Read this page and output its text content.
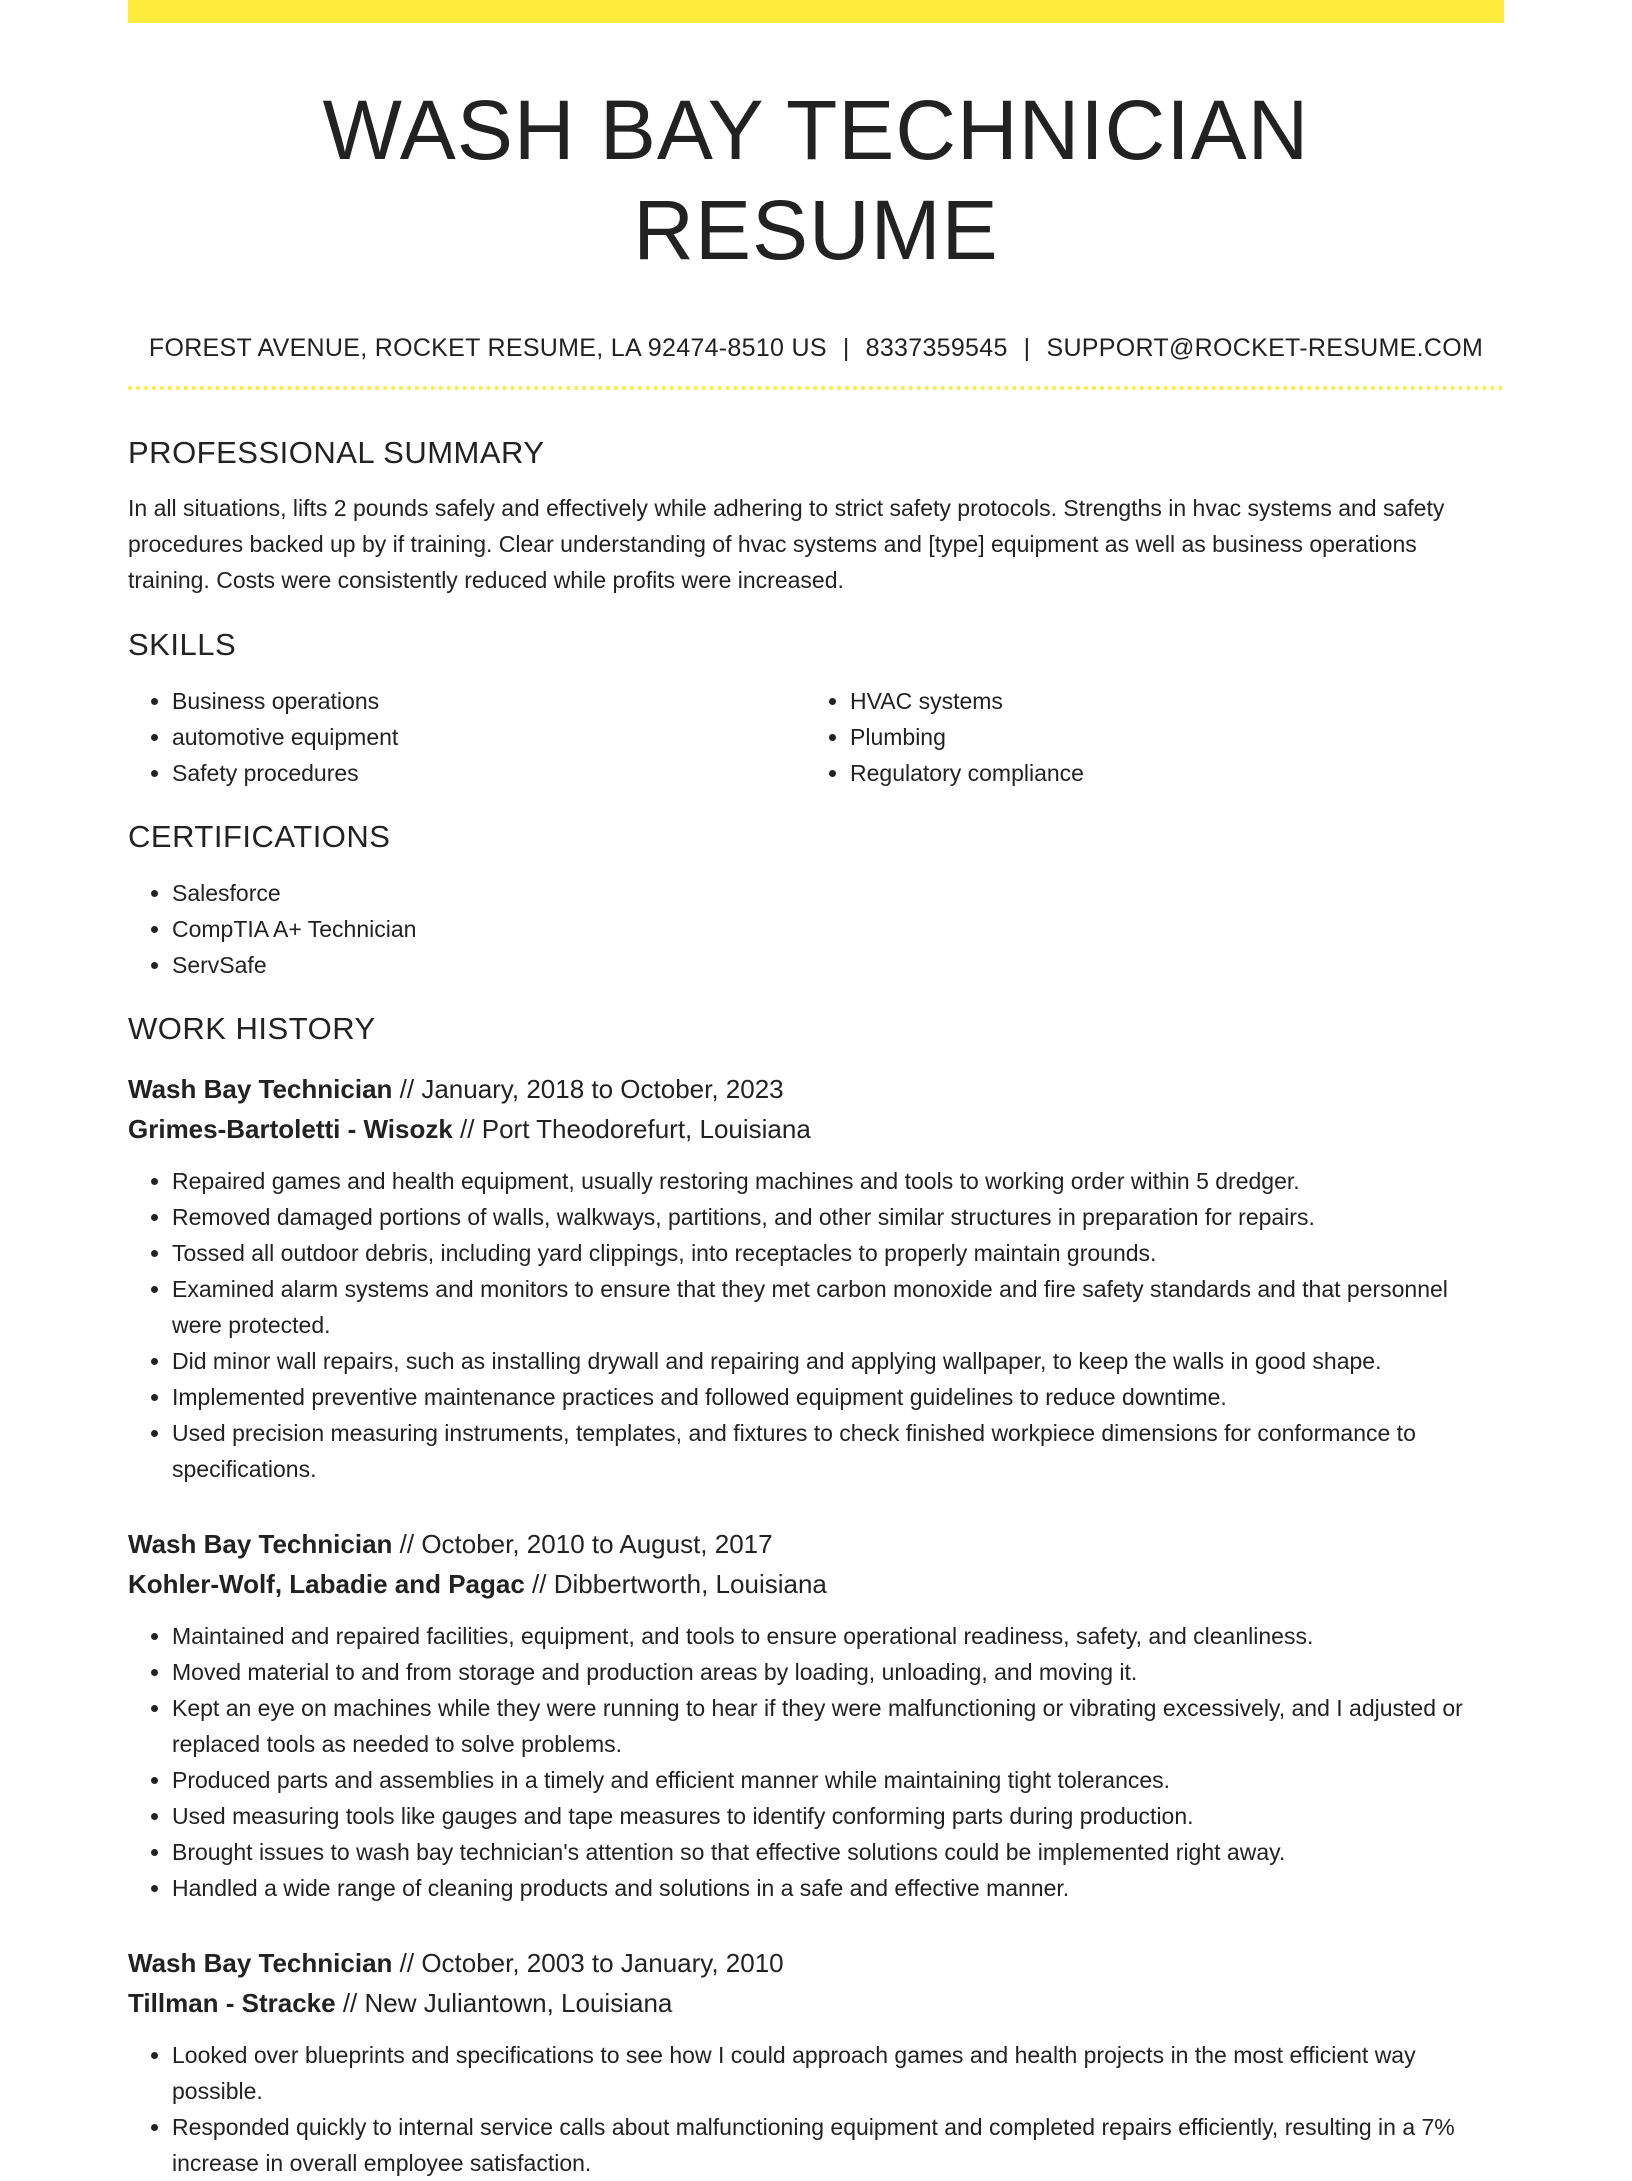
WASH BAY TECHNICIAN RESUME
FOREST AVENUE, ROCKET RESUME, LA 92474-8510 US | 8337359545 | SUPPORT@ROCKET-RESUME.COM
PROFESSIONAL SUMMARY
In all situations, lifts 2 pounds safely and effectively while adhering to strict safety protocols. Strengths in hvac systems and safety procedures backed up by if training. Clear understanding of hvac systems and [type] equipment as well as business operations training. Costs were consistently reduced while profits were increased.
SKILLS
• Business operations
• automotive equipment
• Safety procedures
• HVAC systems
• Plumbing
• Regulatory compliance
CERTIFICATIONS
• Salesforce
• CompTIA A+ Technician
• ServSafe
WORK HISTORY
Wash Bay Technician // January, 2018 to October, 2023
Grimes-Bartoletti - Wisozk // Port Theodorefurt, Louisiana
• Repaired games and health equipment, usually restoring machines and tools to working order within 5 dredger.
• Removed damaged portions of walls, walkways, partitions, and other similar structures in preparation for repairs.
• Tossed all outdoor debris, including yard clippings, into receptacles to properly maintain grounds.
• Examined alarm systems and monitors to ensure that they met carbon monoxide and fire safety standards and that personnel were protected.
• Did minor wall repairs, such as installing drywall and repairing and applying wallpaper, to keep the walls in good shape.
• Implemented preventive maintenance practices and followed equipment guidelines to reduce downtime.
• Used precision measuring instruments, templates, and fixtures to check finished workpiece dimensions for conformance to specifications.
Wash Bay Technician // October, 2010 to August, 2017
Kohler-Wolf, Labadie and Pagac // Dibbertworth, Louisiana
• Maintained and repaired facilities, equipment, and tools to ensure operational readiness, safety, and cleanliness.
• Moved material to and from storage and production areas by loading, unloading, and moving it.
• Kept an eye on machines while they were running to hear if they were malfunctioning or vibrating excessively, and I adjusted or replaced tools as needed to solve problems.
• Produced parts and assemblies in a timely and efficient manner while maintaining tight tolerances.
• Used measuring tools like gauges and tape measures to identify conforming parts during production.
• Brought issues to wash bay technician's attention so that effective solutions could be implemented right away.
• Handled a wide range of cleaning products and solutions in a safe and effective manner.
Wash Bay Technician // October, 2003 to January, 2010
Tillman - Stracke // New Juliantown, Louisiana
• Looked over blueprints and specifications to see how I could approach games and health projects in the most efficient way possible.
• Responded quickly to internal service calls about malfunctioning equipment and completed repairs efficiently, resulting in a 7% increase in overall employee satisfaction.
